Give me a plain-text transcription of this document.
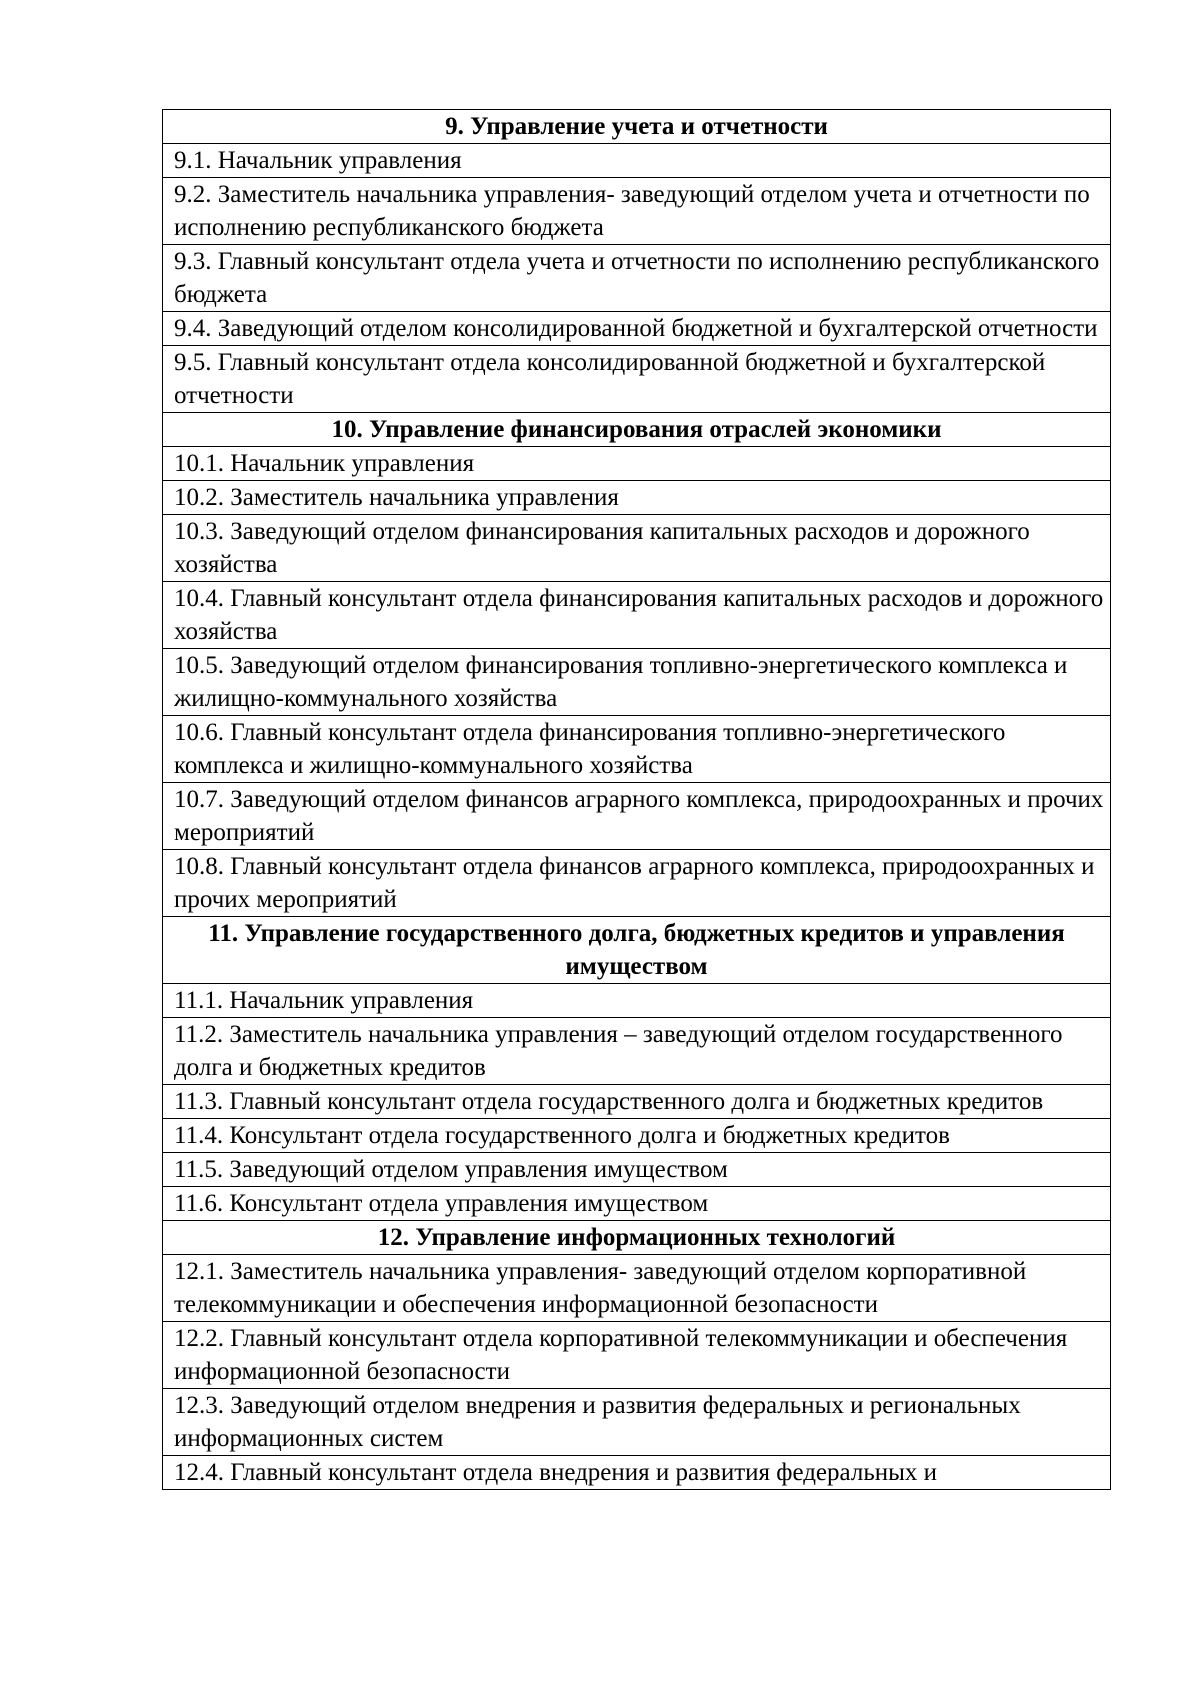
9. Управление учета и отчетности
9.1. Начальник управления
9.2. Заместитель начальника управления- заведующий отделом учета и отчетности по исполнению республиканского бюджета
9.3. Главный консультант отдела учета и отчетности по исполнению республиканского бюджета
9.4. Заведующий отделом консолидированной бюджетной и бухгалтерской отчетности
9.5. Главный консультант отдела консолидированной бюджетной и бухгалтерской отчетности
10. Управление финансирования отраслей экономики
10.1. Начальник управления
10.2. Заместитель начальника управления
10.3. Заведующий отделом финансирования капитальных расходов и дорожного хозяйства
10.4. Главный консультант отдела финансирования капитальных расходов и дорожного хозяйства
10.5. Заведующий отделом финансирования топливно-энергетического комплекса и жилищно-коммунального хозяйства
10.6. Главный консультант отдела финансирования топливно-энергетического комплекса и жилищно-коммунального хозяйства
10.7. Заведующий отделом финансов аграрного комплекса, природоохранных и прочих мероприятий
10.8. Главный консультант отдела финансов аграрного комплекса, природоохранных и прочих мероприятий
11. Управление государственного долга, бюджетных кредитов и управления имуществом
11.1. Начальник управления
11.2. Заместитель начальника управления – заведующий отделом государственного долга и бюджетных кредитов
11.3. Главный консультант отдела государственного долга и бюджетных кредитов
11.4. Консультант отдела государственного долга и бюджетных кредитов
11.5. Заведующий отделом управления имуществом
11.6. Консультант отдела управления имуществом
12. Управление информационных технологий
12.1. Заместитель начальника управления- заведующий отделом корпоративной телекоммуникации и обеспечения информационной безопасности
12.2. Главный консультант отдела корпоративной телекоммуникации и обеспечения информационной безопасности
12.3. Заведующий отделом внедрения и развития федеральных и региональных информационных систем
12.4. Главный консультант отдела внедрения и развития федеральных и
